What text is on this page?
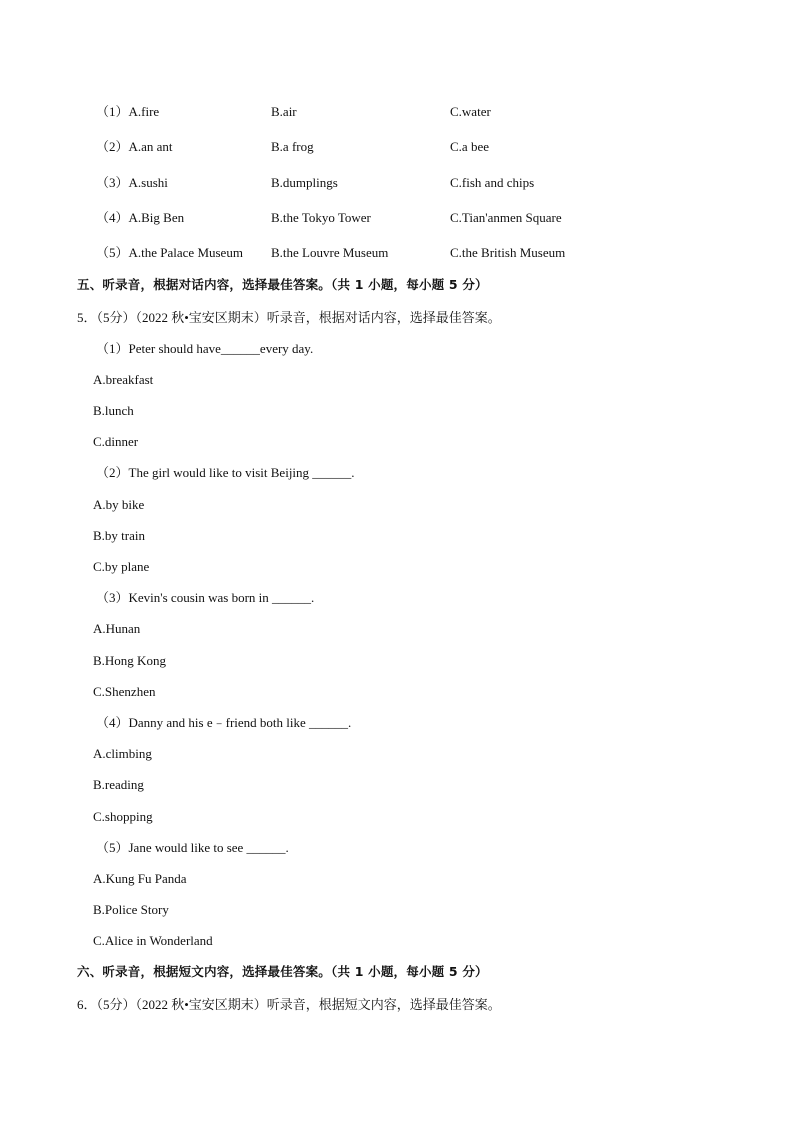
（1）A.fire	B.air	C.water
（2）A.an ant	B.a frog	C.a bee
（3）A.sushi	B.dumplings	C.fish and chips
（4）A.Big Ben	B.the Tokyo Tower	C.Tian'anmen Square
（5）A.the Palace Museum B.the Louvre Museum	C.the British Museum
五、听录音，根据对话内容，选择最佳答案。（共 1 小题，每小题 5 分）
5．（5分）（2022 秋•宝安区期末）听录音，根据对话内容，选择最佳答案。
（1）Peter should have______every day.
A.breakfast
B.lunch
C.dinner
（2）The girl would like to visit Beijing ______.
A.by bike
B.by train
C.by plane
（3）Kevin's cousin was born in ______.
A.Hunan
B.Hong Kong
C.Shenzhen
（4）Danny and his e﹣friend both like ______.
A.climbing
B.reading
C.shopping
（5）Jane would like to see ______.
A.Kung Fu Panda
B.Police Story
C.Alice in Wonderland
六、听录音，根据短文内容，选择最佳答案。（共 1 小题，每小题 5 分）
6．（5分）（2022 秋•宝安区期末）听录音，根据短文内容，选择最佳答案。
